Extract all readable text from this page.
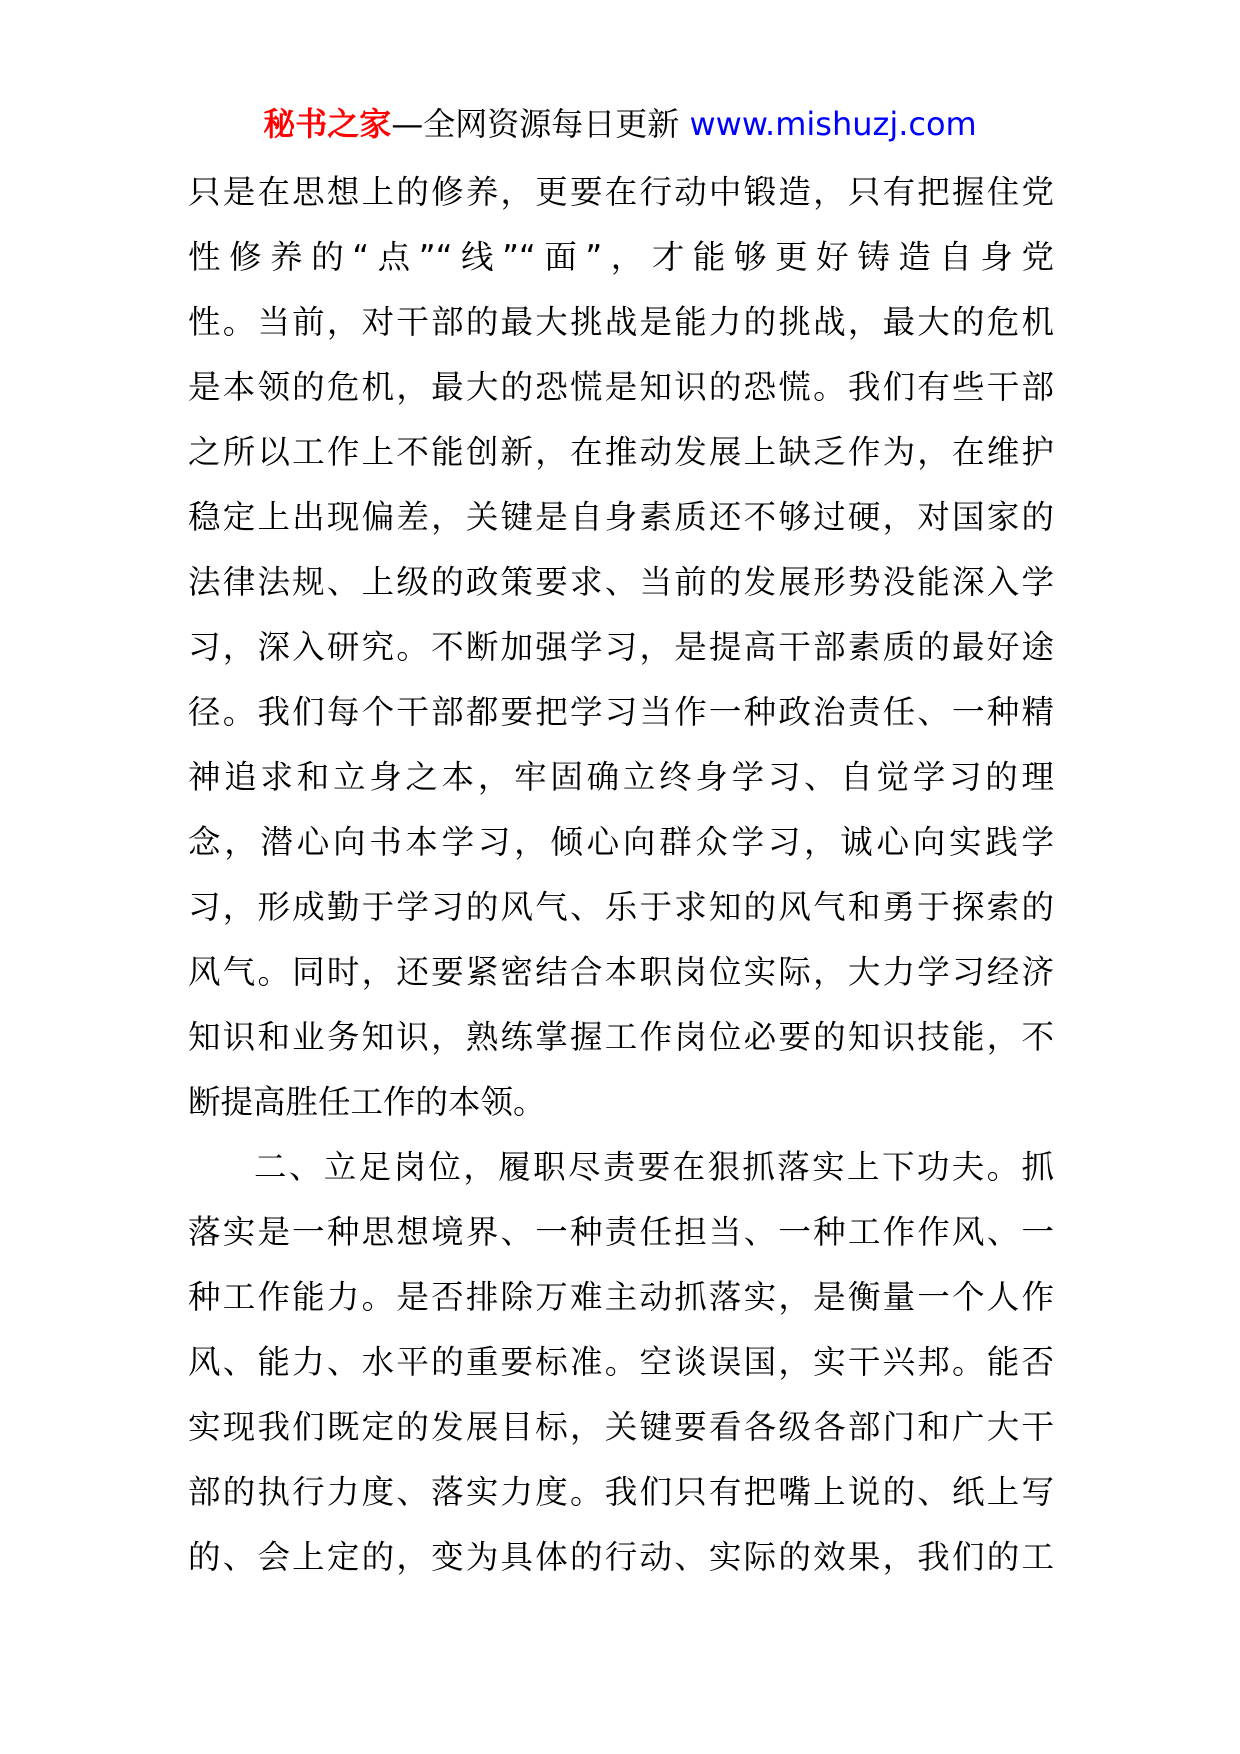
秘书之家—全网资源每日更新 www.mishuzj.com
只是在思想上的修养，更要在行动中锻造，只有把握住党
性修养的“点”“线”“面”，才能够更好铸造自身党
性。当前，对干部的最大挑战是能力的挑战，最大的危机
是本领的危机，最大的恐慌是知识的恐慌。我们有些干部
之所以工作上不能创新，在推动发展上缺乏作为，在维护
稳定上出现偏差，关键是自身素质还不够过硬，对国家的
法律法规、上级的政策要求、当前的发展形势没能深入学
习，深入研究。不断加强学习，是提高干部素质的最好途
径。我们每个干部都要把学习当作一种政治责任、一种精
神追求和立身之本，牢固确立终身学习、自觉学习的理
念，潜心向书本学习，倾心向群众学习，诚心向实践学
习，形成勤于学习的风气、乐于求知的风气和勇于探索的
风气。同时，还要紧密结合本职岗位实际，大力学习经济
知识和业务知识，熟练掌握工作岗位必要的知识技能，不
断提高胜任工作的本领。
二、立足岗位，履职尽责要在狠抓落实上下功夫。抓
落实是一种思想境界、一种责任担当、一种工作作风、一
种工作能力。是否排除万难主动抓落实，是衡量一个人作
风、能力、水平的重要标准。空谈误国，实干兴邦。能否
实现我们既定的发展目标，关键要看各级各部门和广大干
部的执行力度、落实力度。我们只有把嘴上说的、纸上写
的、会上定的，变为具体的行动、实际的效果，我们的工
